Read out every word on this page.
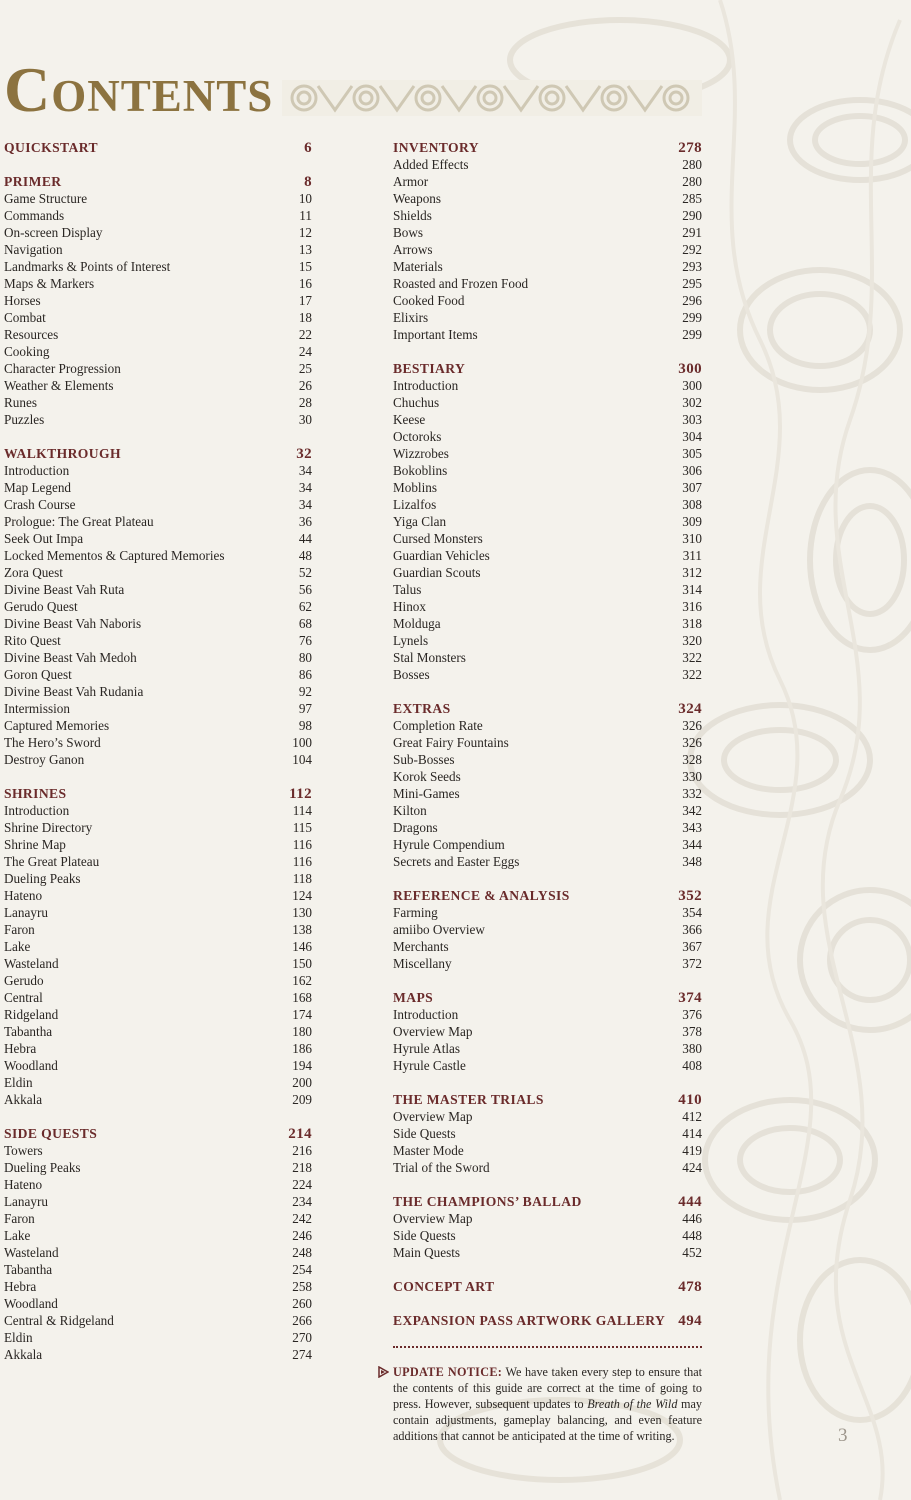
Contents
QUICKSTART	6
PRIMER	8
Game Structure	10
Commands	11
On-screen Display	12
Navigation	13
Landmarks & Points of Interest	15
Maps & Markers	16
Horses	17
Combat	18
Resources	22
Cooking	24
Character Progression	25
Weather & Elements	26
Runes	28
Puzzles	30
WALKTHROUGH	32
Introduction	34
Map Legend	34
Crash Course	34
Prologue: The Great Plateau	36
Seek Out Impa	44
Locked Mementos & Captured Memories	48
Zora Quest	52
Divine Beast Vah Ruta	56
Gerudo Quest	62
Divine Beast Vah Naboris	68
Rito Quest	76
Divine Beast Vah Medoh	80
Goron Quest	86
Divine Beast Vah Rudania	92
Intermission	97
Captured Memories	98
The Hero’s Sword	100
Destroy Ganon	104
SHRINES	112
Introduction	114
Shrine Directory	115
Shrine Map	116
The Great Plateau	116
Dueling Peaks	118
Hateno	124
Lanayru	130
Faron	138
Lake	146
Wasteland	150
Gerudo	162
Central	168
Ridgeland	174
Tabantha	180
Hebra	186
Woodland	194
Eldin	200
Akkala	209
SIDE QUESTS	214
Towers	216
Dueling Peaks	218
Hateno	224
Lanayru	234
Faron	242
Lake	246
Wasteland	248
Tabantha	254
Hebra	258
Woodland	260
Central & Ridgeland	266
Eldin	270
Akkala	274
INVENTORY	278
Added Effects	280
Armor	280
Weapons	285
Shields	290
Bows	291
Arrows	292
Materials	293
Roasted and Frozen Food	295
Cooked Food	296
Elixirs	299
Important Items	299
BESTIARY	300
Introduction	300
Chuchus	302
Keese	303
Octoroks	304
Wizzrobes	305
Bokoblins	306
Moblins	307
Lizalfos	308
Yiga Clan	309
Cursed Monsters	310
Guardian Vehicles	311
Guardian Scouts	312
Talus	314
Hinox	316
Molduga	318
Lynels	320
Stal Monsters	322
Bosses	322
EXTRAS	324
Completion Rate	326
Great Fairy Fountains	326
Sub-Bosses	328
Korok Seeds	330
Mini-Games	332
Kilton	342
Dragons	343
Hyrule Compendium	344
Secrets and Easter Eggs	348
REFERENCE & ANALYSIS	352
Farming	354
amiibo Overview	366
Merchants	367
Miscellany	372
MAPS	374
Introduction	376
Overview Map	378
Hyrule Atlas	380
Hyrule Castle	408
THE MASTER TRIALS	410
Overview Map	412
Side Quests	414
Master Mode	419
Trial of the Sword	424
THE CHAMPIONS’ BALLAD	444
Overview Map	446
Side Quests	448
Main Quests	452
CONCEPT ART	478
EXPANSION PASS ARTWORK GALLERY 494
UPDATE NOTICE: We have taken every step to ensure that the contents of this guide are correct at the time of going to press. However, subsequent updates to Breath of the Wild may contain adjustments, gameplay balancing, and even feature additions that cannot be anticipated at the time of writing.	3
